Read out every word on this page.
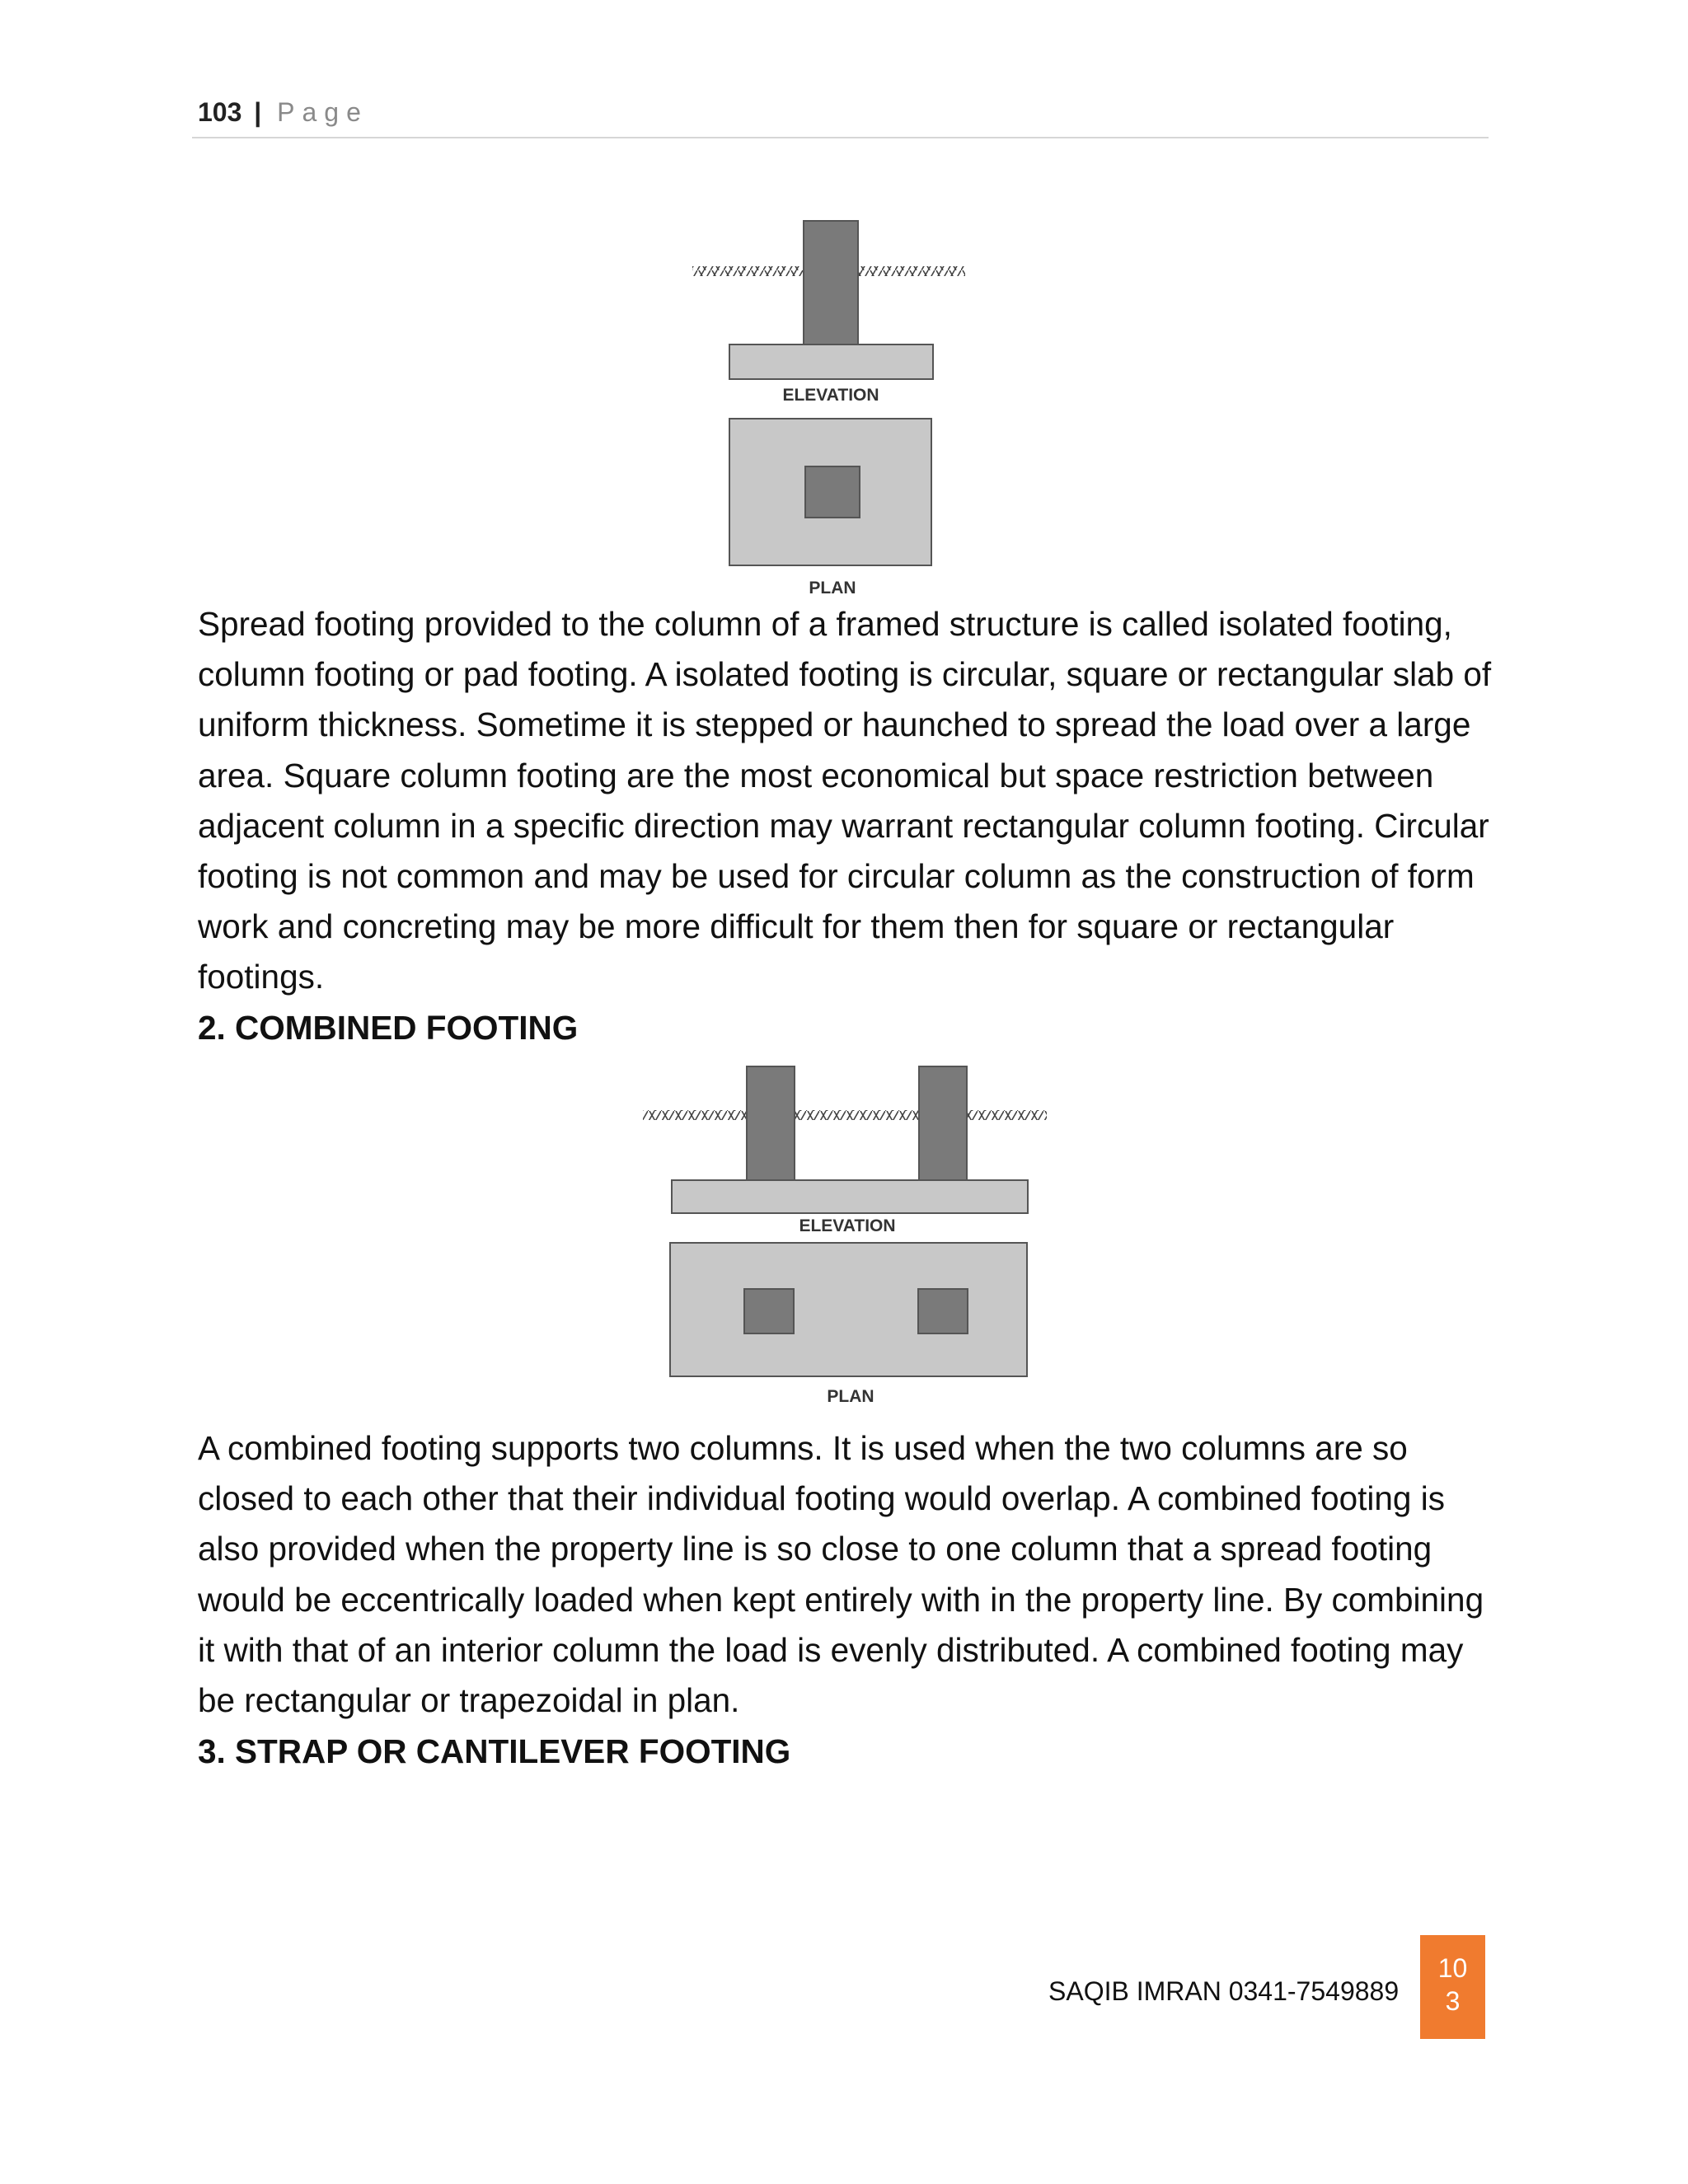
103 | Page
ELEVATION
PLAN

Spread footing provided to the column of a framed structure is called isolated footing, column footing or pad footing. A isolated footing is circular, square or rectangular slab of uniform thickness. Sometime it is stepped or haunched to spread the load over a large area. Square column footing are the most economical but space restriction between adjacent column in a specific direction may warrant rectangular column footing. Circular footing is not common and may be used for circular column as the construction of form work and concreting may be more difficult for them then for square or rectangular footings.

2. COMBINED FOOTING
ELEVATION
PLAN

A combined footing supports two columns. It is used when the two columns are so closed to each other that their individual footing would overlap. A combined footing is also provided when the property line is so close to one column that a spread footing would be eccentrically loaded when kept entirely with in the property line. By combining it with that of an interior column the load is evenly distributed. A combined footing may be rectangular or trapezoidal in plan.

3. STRAP OR CANTILEVER FOOTING
SAQIB IMRAN 0341-7549889
10
3
